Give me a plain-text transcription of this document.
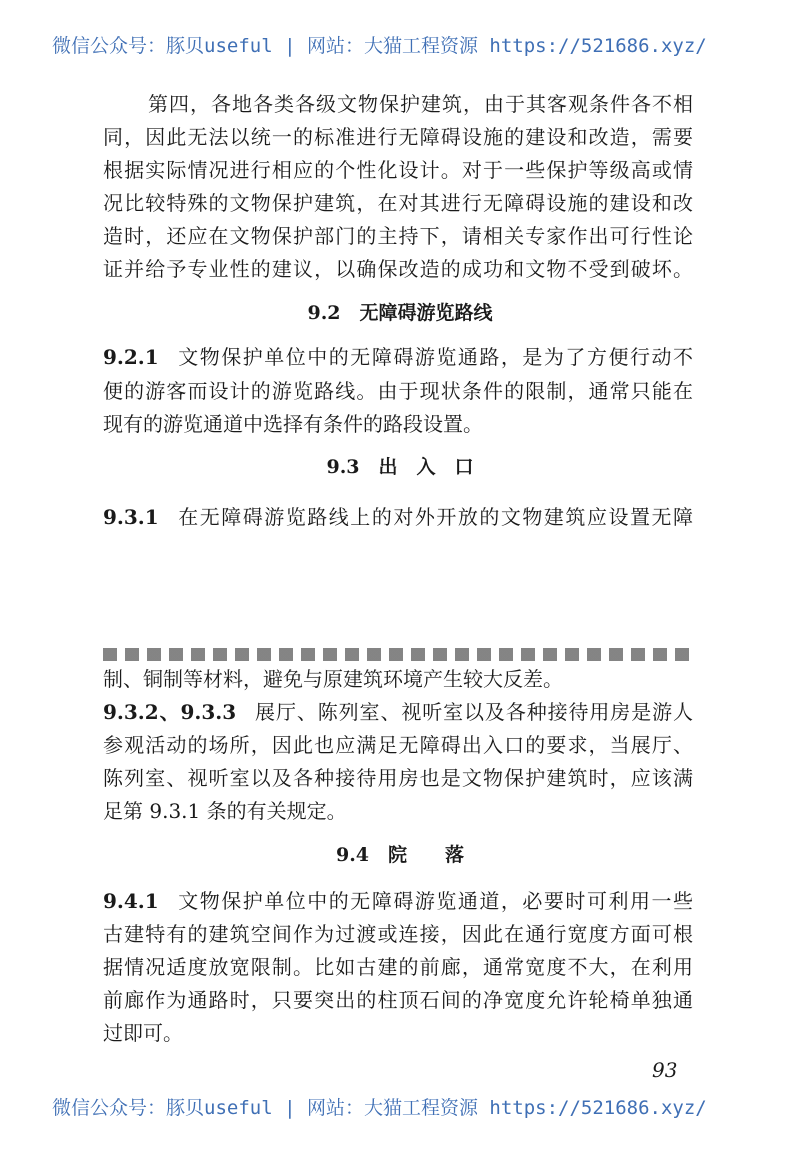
微信公众号：豚贝useful | 网站：大猫工程资源 https://521686.xyz/
第四，各地各类各级文物保护建筑，由于其客观条件各不相
同，因此无法以统一的标准进行无障碍设施的建设和改造，需要
根据实际情况进行相应的个性化设计。对于一些保护等级高或情
况比较特殊的文物保护建筑，在对其进行无障碍设施的建设和改
造时，还应在文物保护部门的主持下，请相关专家作出可行性论
证并给予专业性的建议，以确保改造的成功和文物不受到破坏。
9.2　无障碍游览路线
9.2.1 文物保护单位中的无障碍游览通路，是为了方便行动不
便的游客而设计的游览路线。由于现状条件的限制，通常只能在
现有的游览通道中选择有条件的路段设置。
9.3　出　入　口
9.3.1 在无障碍游览路线上的对外开放的文物建筑应设置无障
制、铜制等材料，避免与原建筑环境产生较大反差。
9.3.2、9.3.3 展厅、陈列室、视听室以及各种接待用房是游人
参观活动的场所，因此也应满足无障碍出入口的要求，当展厅、
陈列室、视听室以及各种接待用房也是文物保护建筑时，应该满
足第 9.3.1 条的有关规定。
9.4　院　　落
9.4.1 文物保护单位中的无障碍游览通道，必要时可利用一些
古建特有的建筑空间作为过渡或连接，因此在通行宽度方面可根
据情况适度放宽限制。比如古建的前廊，通常宽度不大，在利用
前廊作为通路时，只要突出的柱顶石间的净宽度允许轮椅单独通
过即可。
93
微信公众号：豚贝useful | 网站：大猫工程资源 https://521686.xyz/
